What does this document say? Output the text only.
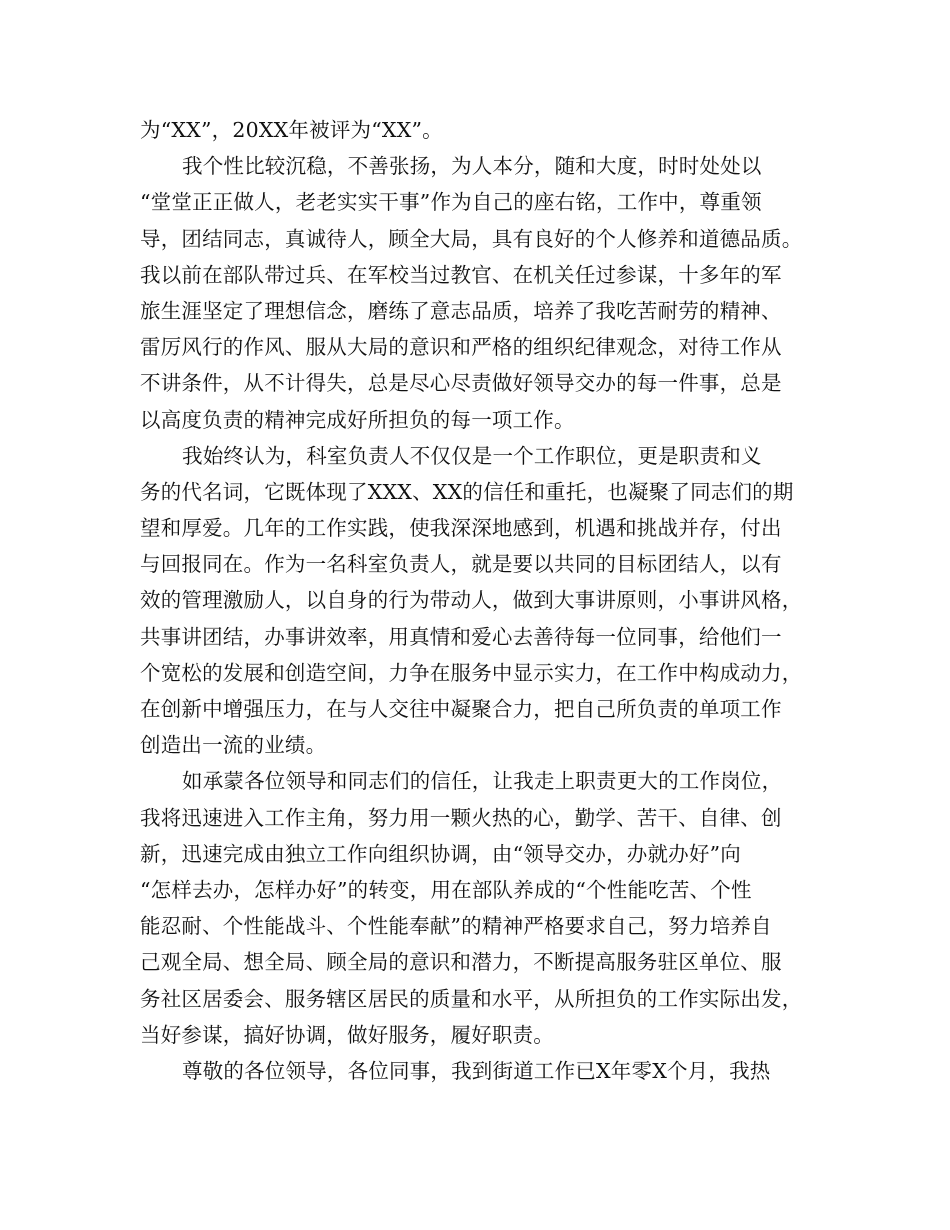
为“XX”，20XX年被评为“XX”。
我个性比较沉稳，不善张扬，为人本分，随和大度，时时处处以
“堂堂正正做人，老老实实干事”作为自己的座右铭，工作中，尊重领
导，团结同志，真诚待人，顾全大局，具有良好的个人修养和道德品质。
我以前在部队带过兵、在军校当过教官、在机关任过参谋，十多年的军
旅生涯坚定了理想信念，磨练了意志品质，培养了我吃苦耐劳的精神、
雷厉风行的作风、服从大局的意识和严格的组织纪律观念，对待工作从
不讲条件，从不计得失，总是尽心尽责做好领导交办的每一件事，总是
以高度负责的精神完成好所担负的每一项工作。
我始终认为，科室负责人不仅仅是一个工作职位，更是职责和义
务的代名词，它既体现了XXX、XX的信任和重托，也凝聚了同志们的期
望和厚爱。几年的工作实践，使我深深地感到，机遇和挑战并存，付出
与回报同在。作为一名科室负责人，就是要以共同的目标团结人，以有
效的管理激励人，以自身的行为带动人，做到大事讲原则，小事讲风格，
共事讲团结，办事讲效率，用真情和爱心去善待每一位同事，给他们一
个宽松的发展和创造空间，力争在服务中显示实力，在工作中构成动力，
在创新中增强压力，在与人交往中凝聚合力，把自己所负责的单项工作
创造出一流的业绩。
如承蒙各位领导和同志们的信任，让我走上职责更大的工作岗位，
我将迅速进入工作主角，努力用一颗火热的心，勤学、苦干、自律、创
新，迅速完成由独立工作向组织协调，由“领导交办，办就办好”向
“怎样去办，怎样办好”的转变，用在部队养成的“个性能吃苦、个性
能忍耐、个性能战斗、个性能奉献”的精神严格要求自己，努力培养自
己观全局、想全局、顾全局的意识和潜力，不断提高服务驻区单位、服
务社区居委会、服务辖区居民的质量和水平，从所担负的工作实际出发，
当好参谋，搞好协调，做好服务，履好职责。
尊敬的各位领导，各位同事，我到街道工作已X年零X个月，我热
